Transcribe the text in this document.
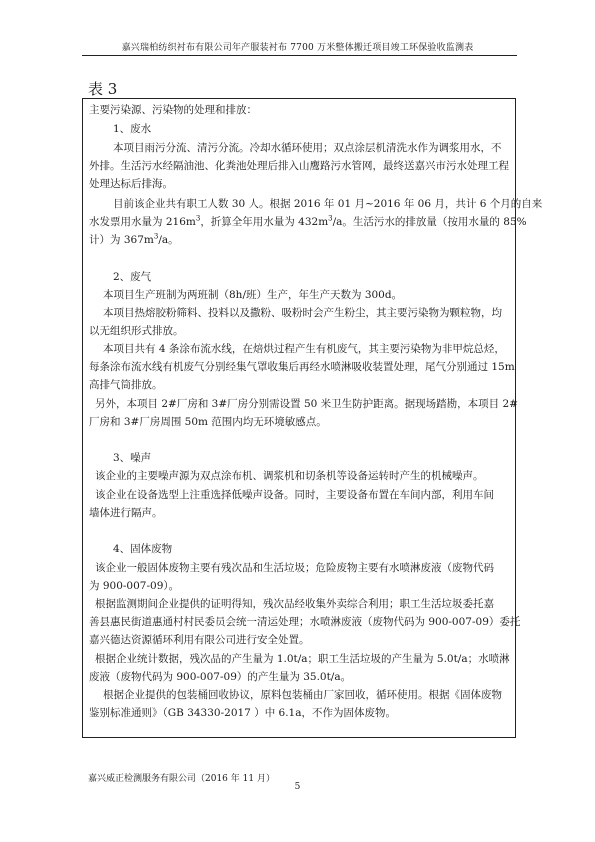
嘉兴瑞柏纺织衬布有限公司年产服装衬布 7700 万米整体搬迁项目竣工环保验收监测表
表 3
主要污染源、污染物的处理和排放：
1、废水
本项目雨污分流、清污分流。冷却水循环使用；双点涂层机清洗水作为调浆用水，不
外排。生活污水经隔油池、化粪池处理后排入山鹰路污水管网，最终送嘉兴市污水处理工程
处理达标后排海。
目前该企业共有职工人数 30 人。根据 2016 年 01 月~2016 年 06 月，共计 6 个月的自来
水发票用水量为 $216m^3$，折算全年用水量为 $432m^3/a$。生活污水的排放量（按用水量的 85%
计）为 $367m^3/a$。
2、废气
本项目生产班制为两班制（8h/班）生产，年生产天数为 300d。
本项目热熔胶粉筛料、投料以及撒粉、吸粉时会产生粉尘，其主要污染物为颗粒物，均
以无组织形式排放。
本项目共有 4 条涂布流水线，在焙烘过程产生有机废气，其主要污染物为非甲烷总烃，
每条涂布流水线有机废气分别经集气罩收集后再经水喷淋吸收装置处理，尾气分别通过 15m
高排气筒排放。
另外，本项目 2#厂房和 3#厂房分别需设置 50 米卫生防护距离。据现场踏勘，本项目 2#
厂房和 3#厂房周围 50m 范围内均无环境敏感点。
3、噪声
该企业的主要噪声源为双点涂布机、调浆机和切条机等设备运转时产生的机械噪声。
该企业在设备选型上注重选择低噪声设备。同时，主要设备布置在车间内部，利用车间
墙体进行隔声。
4、固体废物
该企业一般固体废物主要有残次品和生活垃圾；危险废物主要有水喷淋废液（废物代码
为 900-007-09）。
根据监测期间企业提供的证明得知，残次品经收集外卖综合利用；职工生活垃圾委托嘉
善县惠民街道惠通村村民委员会统一清运处理；水喷淋废液（废物代码为 900-007-09）委托
嘉兴德达资源循环利用有限公司进行安全处置。
根据企业统计数据，残次品的产生量为 1.0t/a；职工生活垃圾的产生量为 5.0t/a；水喷淋
废液（废物代码为 900-007-09）的产生量为 35.0t/a。
根据企业提供的包装桶回收协议，原料包装桶由厂家回收，循环使用。根据《固体废物
鉴别标准通则》（GB 34330-2017 ）中 6.1a，不作为固体废物。
嘉兴威正检测服务有限公司（2016 年 11 月）
5
